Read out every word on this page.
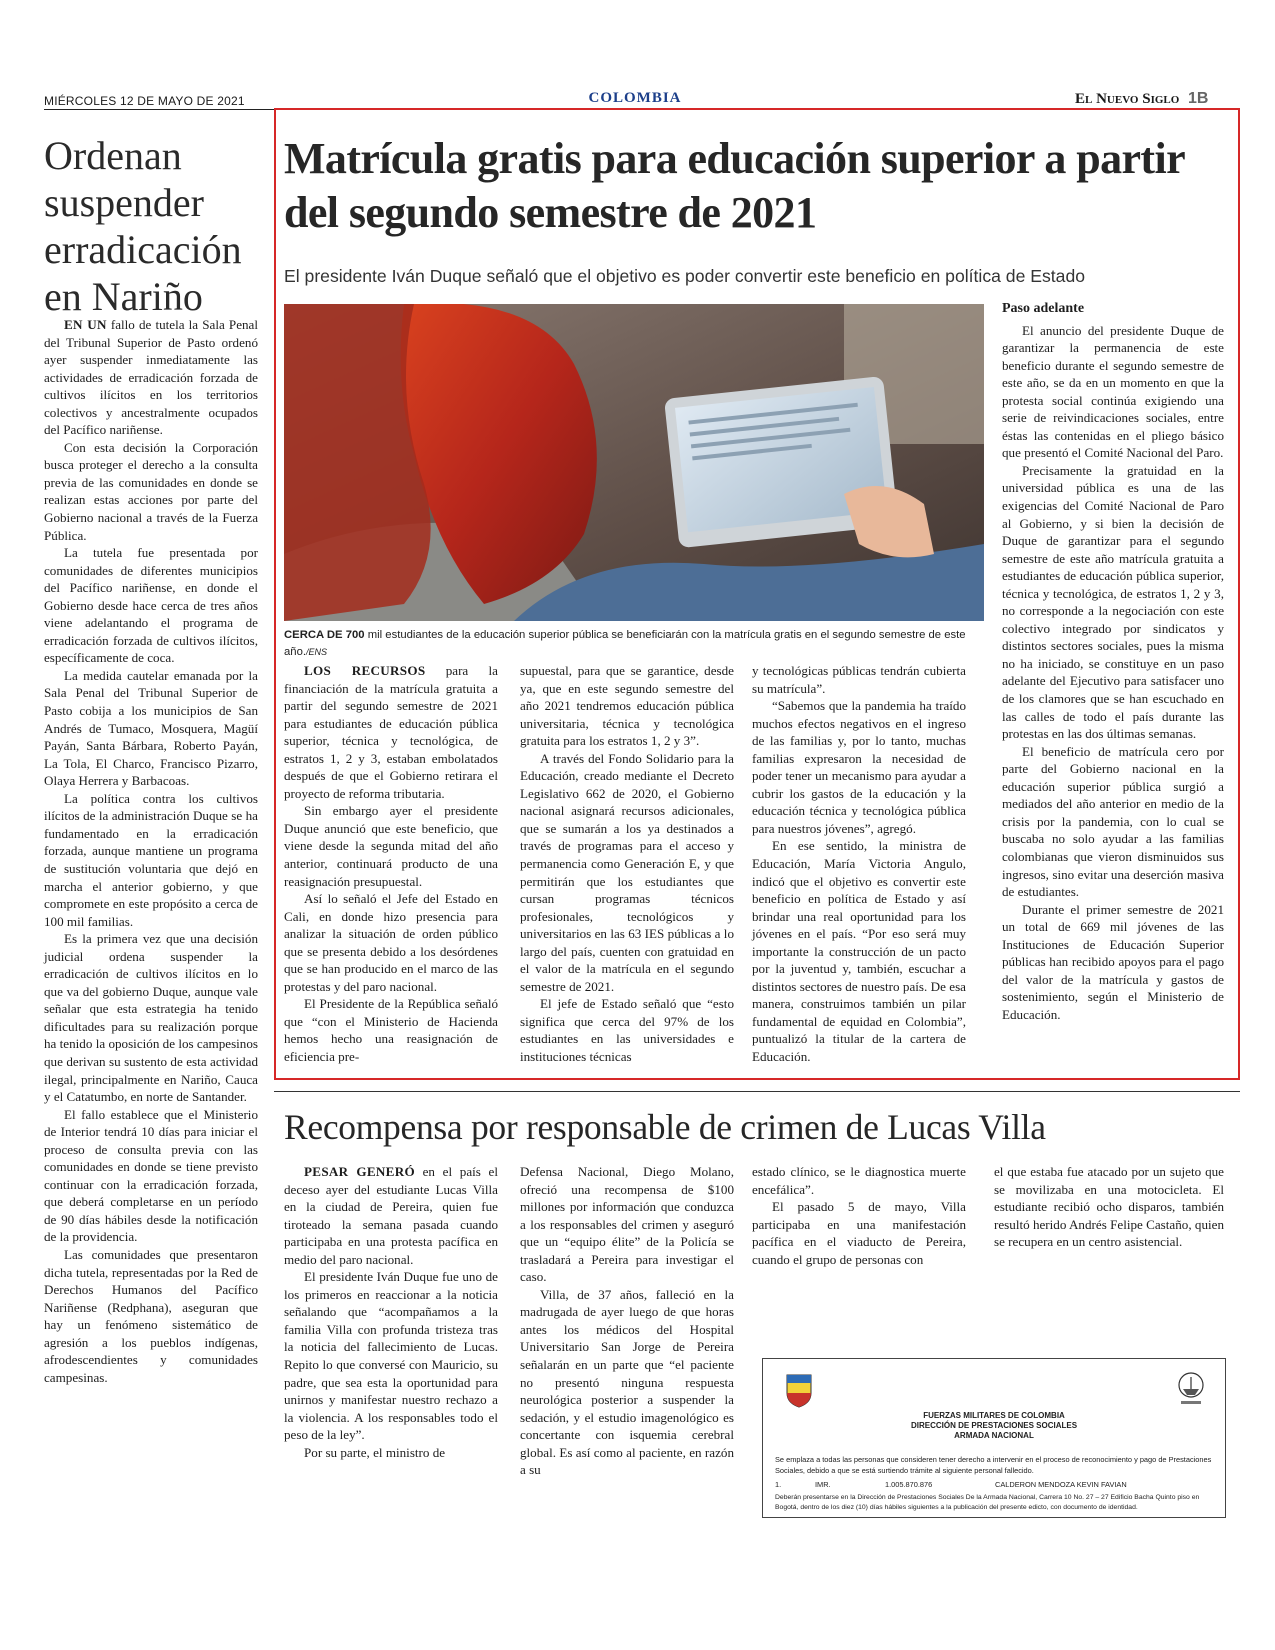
MIÉRCOLES 12 DE MAYO DE 2021	COLOMBIA	El Nuevo Siglo 1B
Ordenan suspender erradicación en Nariño

EN UN fallo de tutela la Sala Penal del Tribunal Superior de Pasto ordenó ayer suspender inmediatamente las actividades de erradicación forzada de cultivos ilícitos en los territorios colectivos y ancestralmente ocupados del Pacífico nariñense.

Con esta decisión la Corporación busca proteger el derecho a la consulta previa de las comunidades en donde se realizan estas acciones por parte del Gobierno nacional a través de la Fuerza Pública.

La tutela fue presentada por comunidades de diferentes municipios del Pacífico nariñense, en donde el Gobierno desde hace cerca de tres años viene adelantando el programa de erradicación forzada de cultivos ilícitos, específicamente de coca.

La medida cautelar emanada por la Sala Penal del Tribunal Superior de Pasto cobija a los municipios de San Andrés de Tumaco, Mosquera, Magüí Payán, Santa Bárbara, Roberto Payán, La Tola, El Charco, Francisco Pizarro, Olaya Herrera y Barbacoas.

La política contra los cultivos ilícitos de la administración Duque se ha fundamentado en la erradicación forzada, aunque mantiene un programa de sustitución voluntaria que dejó en marcha el anterior gobierno, y que compromete en este propósito a cerca de 100 mil familias.

Es la primera vez que una decisión judicial ordena suspender la erradicación de cultivos ilícitos en lo que va del gobierno Duque, aunque vale señalar que esta estrategia ha tenido dificultades para su realización porque ha tenido la oposición de los campesinos que derivan su sustento de esta actividad ilegal, principalmente en Nariño, Cauca y el Catatumbo, en norte de Santander.

El fallo establece que el Ministerio de Interior tendrá 10 días para iniciar el proceso de consulta previa con las comunidades en donde se tiene previsto continuar con la erradicación forzada, que deberá completarse en un período de 90 días hábiles desde la notificación de la providencia.

Las comunidades que presentaron dicha tutela, representadas por la Red de Derechos Humanos del Pacífico Nariñense (Redphana), aseguran que hay un fenómeno sistemático de agresión a los pueblos indígenas, afrodescendientes y comunidades campesinas.

Matrícula gratis para educación superior a partir del segundo semestre de 2021
El presidente Iván Duque señaló que el objetivo es poder convertir este beneficio en política de Estado
CERCA DE 700 mil estudiantes de la educación superior pública se beneficiarán con la matrícula gratis en el segundo semestre de este año./ENS

LOS RECURSOS para la financiación de la matrícula gratuita a partir del segundo semestre de 2021 para estudiantes de educación pública superior, técnica y tecnológica, de estratos 1, 2 y 3, estaban embolatados después de que el Gobierno retirara el proyecto de reforma tributaria.

Sin embargo ayer el presidente Duque anunció que este beneficio, que viene desde la segunda mitad del año anterior, continuará producto de una reasignación presupuestal.

Así lo señaló el Jefe del Estado en Cali, en donde hizo presencia para analizar la situación de orden público que se presenta debido a los desórdenes que se han producido en el marco de las protestas y del paro nacional.

El Presidente de la República señaló que “con el Ministerio de Hacienda hemos hecho una reasignación de eficiencia pre-

supuestal, para que se garantice, desde ya, que en este segundo semestre del año 2021 tendremos educación pública universitaria, técnica y tecnológica gratuita para los estratos 1, 2 y 3”.

A través del Fondo Solidario para la Educación, creado mediante el Decreto Legislativo 662 de 2020, el Gobierno nacional asignará recursos adicionales, que se sumarán a los ya destinados a través de programas para el acceso y permanencia como Generación E, y que permitirán que los estudiantes que cursan programas técnicos profesionales, tecnológicos y universitarios en las 63 IES públicas a lo largo del país, cuenten con gratuidad en el valor de la matrícula en el segundo semestre de 2021.

El jefe de Estado señaló que “esto significa que cerca del 97% de los estudiantes en las universidades e instituciones técnicas

y tecnológicas públicas tendrán cubierta su matrícula”.

“Sabemos que la pandemia ha traído muchos efectos negativos en el ingreso de las familias y, por lo tanto, muchas familias expresaron la necesidad de poder tener un mecanismo para ayudar a cubrir los gastos de la educación y la educación técnica y tecnológica pública para nuestros jóvenes”, agregó.

En ese sentido, la ministra de Educación, María Victoria Angulo, indicó que el objetivo es convertir este beneficio en política de Estado y así brindar una real oportunidad para los jóvenes en el país. “Por eso será muy importante la construcción de un pacto por la juventud y, también, escuchar a distintos sectores de nuestro país. De esa manera, construimos también un pilar fundamental de equidad en Colombia”, puntualizó la titular de la cartera de Educación.

Paso adelante

El anuncio del presidente Duque de garantizar la permanencia de este beneficio durante el segundo semestre de este año, se da en un momento en que la protesta social continúa exigiendo una serie de reivindicaciones sociales, entre éstas las contenidas en el pliego básico que presentó el Comité Nacional del Paro.

Precisamente la gratuidad en la universidad pública es una de las exigencias del Comité Nacional de Paro al Gobierno, y si bien la decisión de Duque de garantizar para el segundo semestre de este año matrícula gratuita a estudiantes de educación pública superior, técnica y tecnológica, de estratos 1, 2 y 3, no corresponde a la negociación con este colectivo integrado por sindicatos y distintos sectores sociales, pues la misma no ha iniciado, se constituye en un paso adelante del Ejecutivo para satisfacer uno de los clamores que se han escuchado en las calles de todo el país durante las protestas en las dos últimas semanas.

El beneficio de matrícula cero por parte del Gobierno nacional en la educación superior pública surgió a mediados del año anterior en medio de la crisis por la pandemia, con lo cual se buscaba no solo ayudar a las familias colombianas que vieron disminuidos sus ingresos, sino evitar una deserción masiva de estudiantes.

Durante el primer semestre de 2021 un total de 669 mil jóvenes de las Instituciones de Educación Superior públicas han recibido apoyos para el pago del valor de la matrícula y gastos de sostenimiento, según el Ministerio de Educación.

Recompensa por responsable de crimen de Lucas Villa

PESAR GENERÓ en el país el deceso ayer del estudiante Lucas Villa en la ciudad de Pereira, quien fue tiroteado la semana pasada cuando participaba en una protesta pacífica en medio del paro nacional.

El presidente Iván Duque fue uno de los primeros en reaccionar a la noticia señalando que “acompañamos a la familia Villa con profunda tristeza tras la noticia del fallecimiento de Lucas. Repito lo que conversé con Mauricio, su padre, que sea esta la oportunidad para unirnos y manifestar nuestro rechazo a la violencia. A los responsables todo el peso de la ley”.

Por su parte, el ministro de

Defensa Nacional, Diego Molano, ofreció una recompensa de $100 millones por información que conduzca a los responsables del crimen y aseguró que un “equipo élite” de la Policía se trasladará a Pereira para investigar el caso.

Villa, de 37 años, falleció en la madrugada de ayer luego de que horas antes los médicos del Hospital Universitario San Jorge de Pereira señalarán en un parte que “el paciente no presentó ninguna respuesta neurológica posterior a suspender la sedación, y el estudio imagenológico es concertante con isquemia cerebral global. Es así como al paciente, en razón a su

estado clínico, se le diagnostica muerte encefálica”.

El pasado 5 de mayo, Villa participaba en una manifestación pacífica en el viaducto de Pereira, cuando el grupo de personas con

el que estaba fue atacado por un sujeto que se movilizaba en una motocicleta. El estudiante recibió ocho disparos, también resultó herido Andrés Felipe Castaño, quien se recupera en un centro asistencial.

FUERZAS MILITARES DE COLOMBIA
DIRECCIÓN DE PRESTACIONES SOCIALES
ARMADA NACIONAL
Se emplaza a todas las personas que consideren tener derecho a intervenir en el proceso de reconocimiento y pago de Prestaciones Sociales, debido a que se está surtiendo trámite al siguiente personal fallecido.
1.	IMR.	1.005.870.876	CALDERON MENDOZA KEVIN FAVIAN
Deberán presentarse en la Dirección de Prestaciones Sociales De la Armada Nacional, Carrera 10 No. 27 – 27 Edificio Bacha Quinto piso en Bogotá, dentro de los diez (10) días hábiles siguientes a la publicación del presente edicto, con documento de identidad.
